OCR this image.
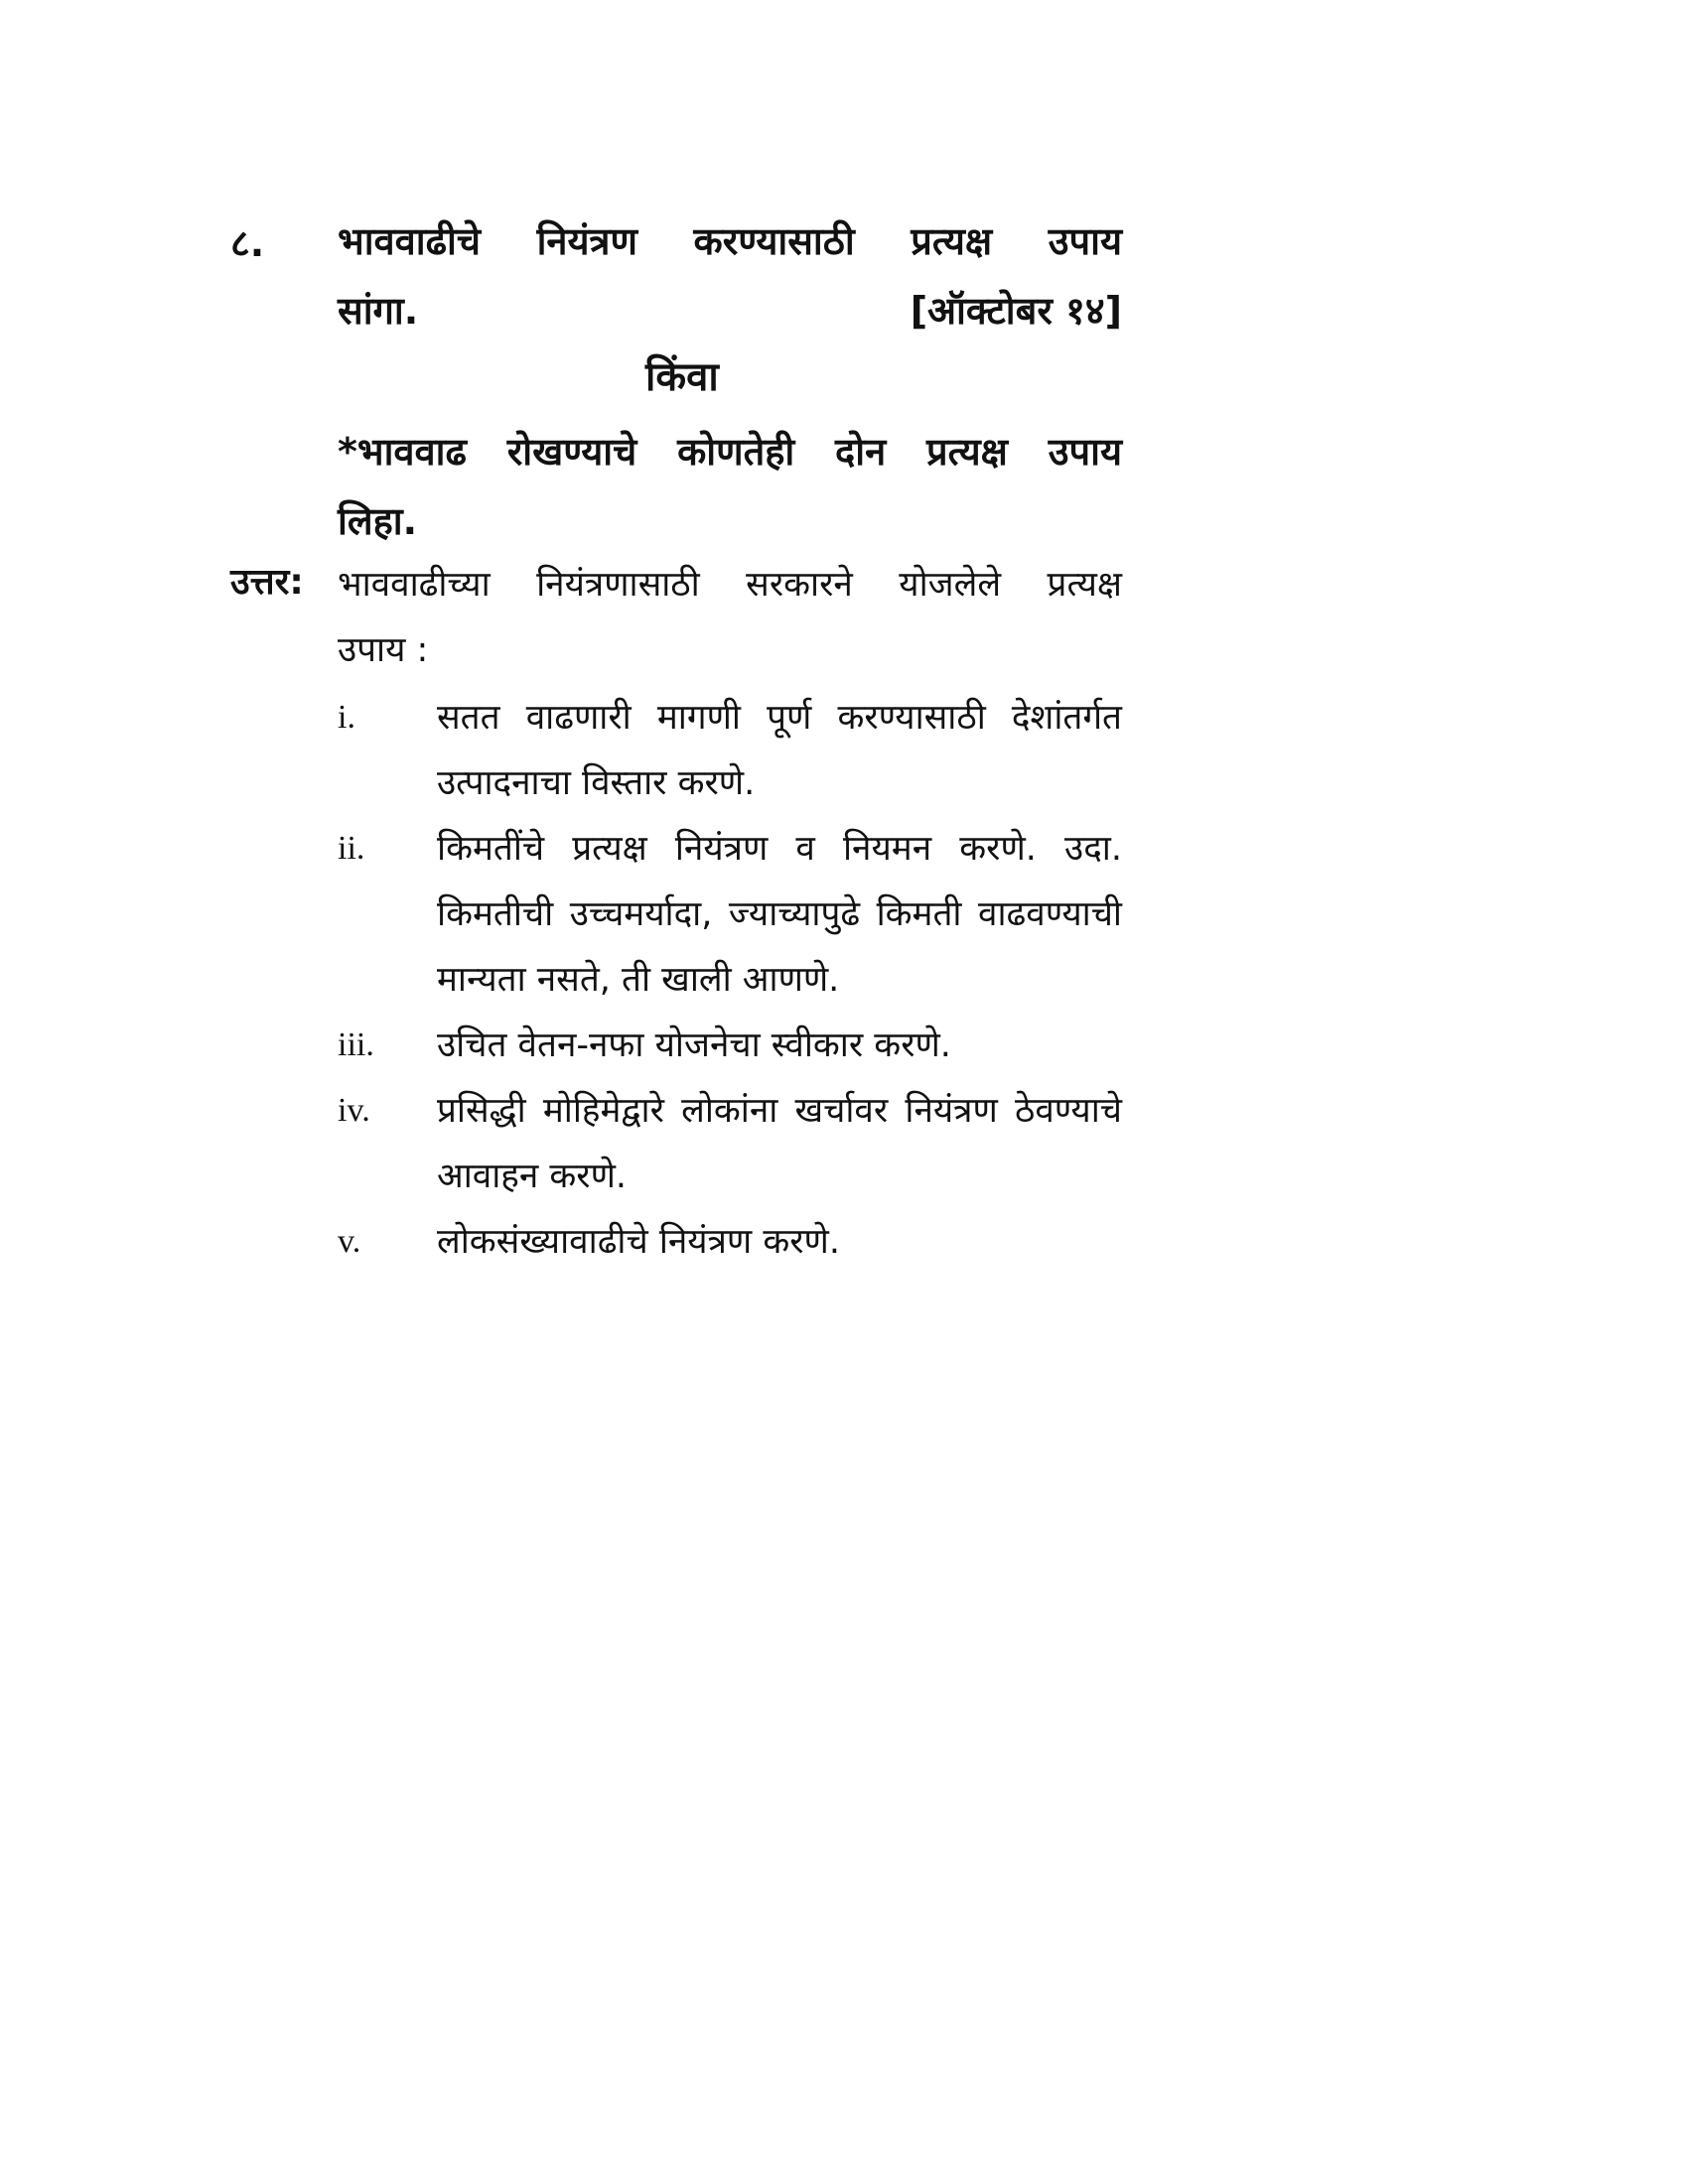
८. भाववाढीचे नियंत्रण करण्यासाठी प्रत्यक्ष उपाय
सांगा.	[ऑक्टोबर १४]
किंवा
*भाववाढ रोखण्याचे कोणतेही दोन प्रत्यक्ष उपाय
लिहा.
उत्तर: भाववाढीच्या नियंत्रणासाठी सरकारने योजलेले प्रत्यक्ष
उपाय :
i.	सतत वाढणारी मागणी पूर्ण करण्यासाठी देशांतर्गत उत्पादनाचा विस्तार करणे.
ii.	किमतींचे प्रत्यक्ष नियंत्रण व नियमन करणे. उदा. किमतीची उच्चमर्यादा, ज्याच्यापुढे किमती वाढवण्याची मान्यता नसते, ती खाली आणणे.
iii.	उचित वेतन-नफा योजनेचा स्वीकार करणे.
iv.	प्रसिद्धी मोहिमेद्वारे लोकांना खर्चावर नियंत्रण ठेवण्याचे आवाहन करणे.
v.	लोकसंख्यावाढीचे नियंत्रण करणे.
